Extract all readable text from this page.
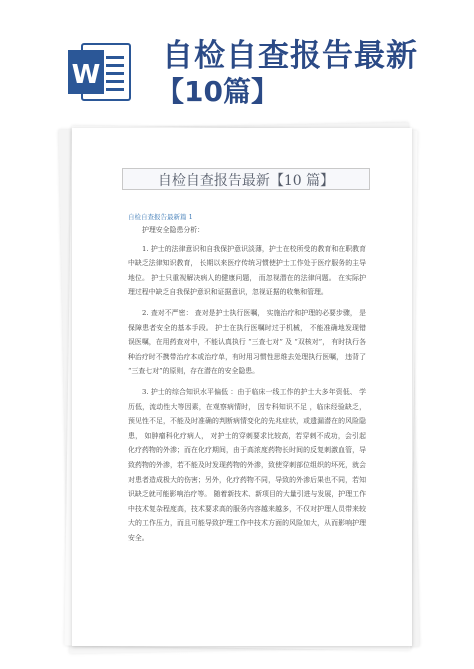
W
自检自查报告最新
【10篇】
自检自查报告最新【10 篇】
自检自查报告最新篇 1

护理安全隐患分析：

1. 护士的法律意识和自我保护意识淡薄，护士在校所受的教育和在职教育中缺乏法律知识教育， 长期以来医疗传统习惯使护士工作处于医疗服务的主导地位。 护士只重视解决病人的健康问题， 而忽视潜在的法律问题。 在实际护理过程中缺乏自我保护意识和证据意识，忽视证据的收集和管理。

2. 查对不严密： 查对是护士执行医嘱， 实施治疗和护理的必要步骤， 是保障患者安全的基本手段。 护士在执行医嘱时过于机械， 不能准确地发现错误医嘱，在用药查对中，不能认真执行 “三查七对” 及 “双核对”， 有时执行各种治疗时不携带治疗本或治疗单，有时用习惯性思维去处理执行医嘱， 违背了 “三查七对”的原则，存在潜在的安全隐患。

3. 护士的综合知识水平偏低 ：由于临床一线工作的护士大多年资低、 学历低，流动性大等因素，在观察病情时， 因专科知识不足 ，临床经验缺乏， 预见性不足，不能及时准确的判断病情变化的先兆症状，或遗漏潜在的风险隐患， 如肿瘤科化疗病人， 对护士的穿刺要求比较高，若穿刺不成功，会引起化疗药物的外渗；而在化疗期间，由于高浓度药物长时间的反复刺激血管，导致药物的外渗，若不能及时发现药物的外渗，致使穿刺部位组织的坏死，就会对患者造成极大的伤害；另外，化疗药物不同，导致的外渗后果也不同，若知识缺乏就可能影响治疗等。 随着新技术、新项目的大量引进与发展，护理工作中技术复杂程度高，技术要求高的服务内容越来越多，不仅对护理人员带来较大的工作压力，而且可能导致护理工作中技术方面的风险加大，从而影响护理安全。
